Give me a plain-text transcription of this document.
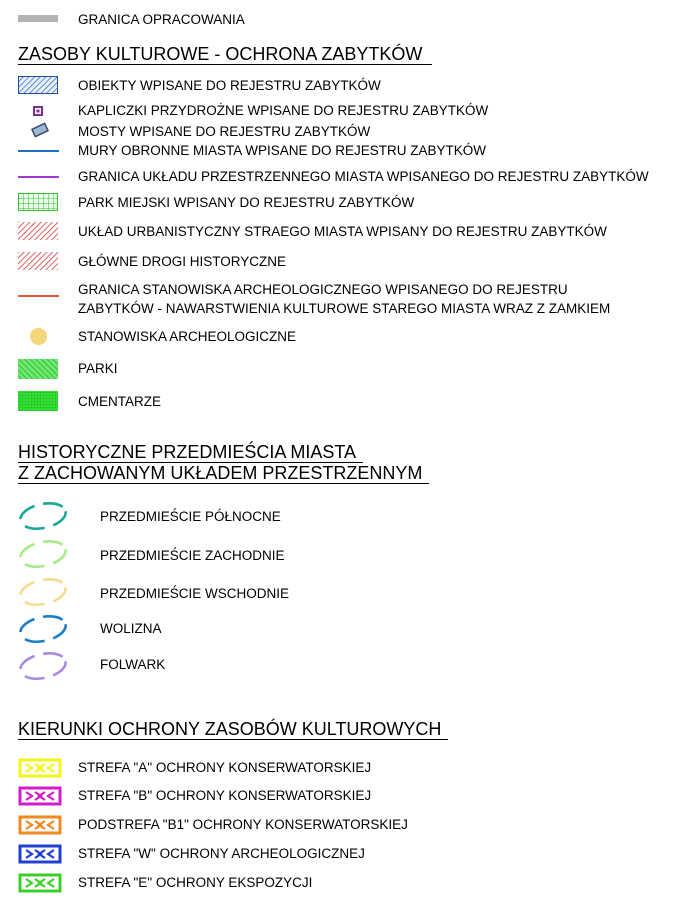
GRANICA OPRACOWANIA
ZASOBY KULTUROWE - OCHRONA ZABYTKÓW
OBIEKTY WPISANE DO REJESTRU ZABYTKÓW
KAPLICZKI PRZYDROŻNE WPISANE DO REJESTRU ZABYTKÓW
MOSTY WPISANE DO REJESTRU ZABYTKÓW
MURY OBRONNE MIASTA WPISANE DO REJESTRU ZABYTKÓW
GRANICA UKŁADU PRZESTRZENNEGO MIASTA WPISANEGO DO REJESTRU ZABYTKÓW
PARK MIEJSKI WPISANY DO REJESTRU ZABYTKÓW
UKŁAD URBANISTYCZNY STRAEGO MIASTA WPISANY DO REJESTRU ZABYTKÓW
GŁÓWNE DROGI HISTORYCZNE
GRANICA STANOWISKA ARCHEOLOGICZNEGO WPISANEGO DO REJESTRU
ZABYTKÓW - NAWARSTWIENIA KULTUROWE STAREGO MIASTA WRAZ Z ZAMKIEM
STANOWISKA ARCHEOLOGICZNE
PARKI
CMENTARZE
HISTORYCZNE PRZEDMIEŚCIA MIASTA
Z ZACHOWANYM UKŁADEM PRZESTRZENNYM
PRZEDMIEŚCIE PÓŁNOCNE
PRZEDMIEŚCIE ZACHODNIE
PRZEDMIEŚCIE WSCHODNIE
WOLIZNA
FOLWARK
KIERUNKI OCHRONY ZASOBÓW KULTUROWYCH
STREFA "A" OCHRONY KONSERWATORSKIEJ
STREFA "B" OCHRONY KONSERWATORSKIEJ
PODSTREFA "B1" OCHRONY KONSERWATORSKIEJ
STREFA "W" OCHRONY ARCHEOLOGICZNEJ
STREFA "E" OCHRONY EKSPOZYCJI
